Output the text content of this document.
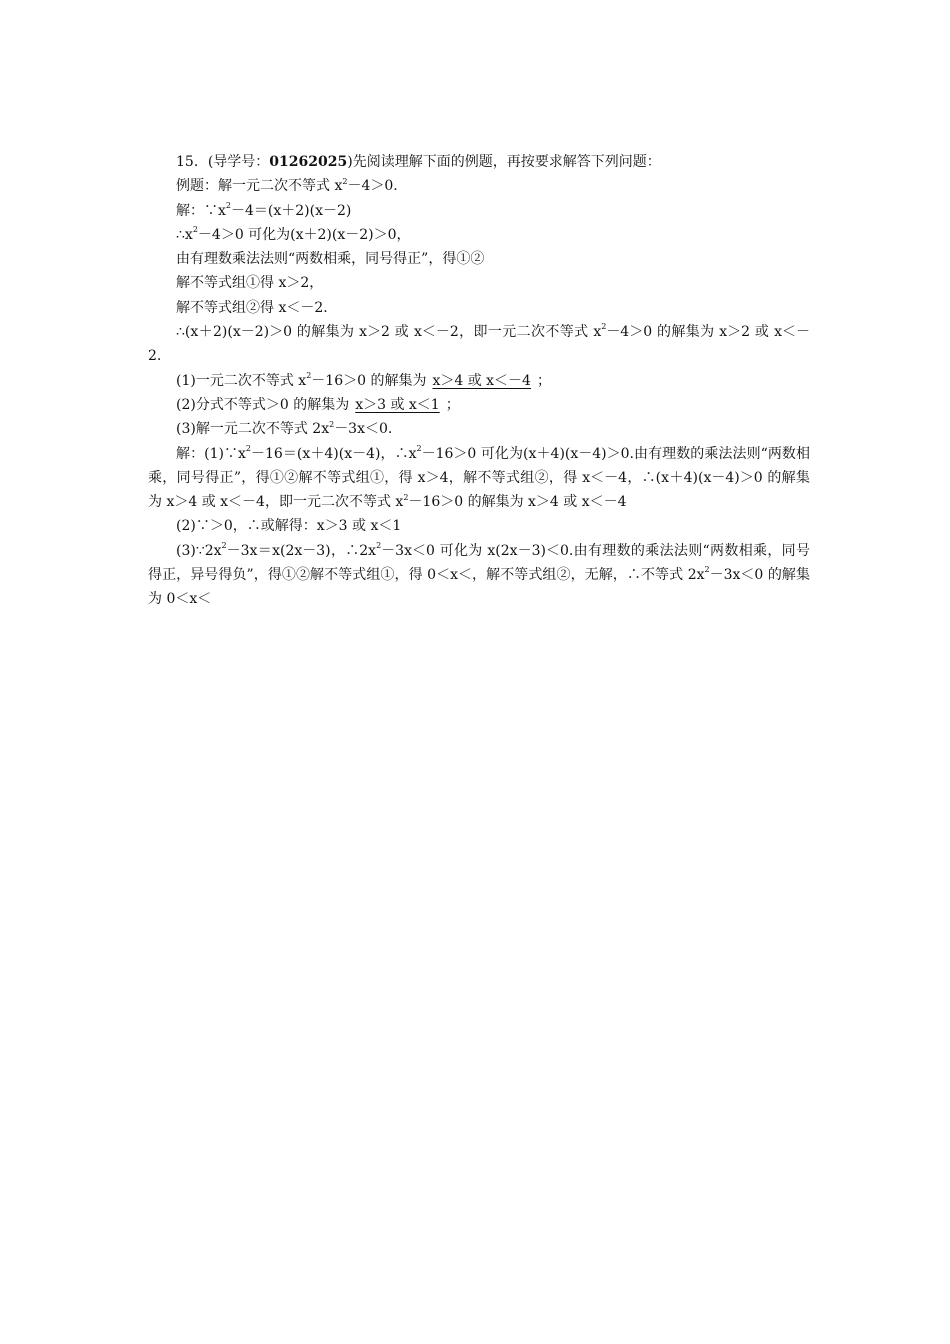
15．(导学号：01262025)先阅读理解下面的例题，再按要求解答下列问题：

例题：解一元二次不等式 $x^2-4>0$.

解：$\because x^2-4=(x+2)(x-2)$

$\therefore x^2-4>0$ 可化为(x＋2)(x－2)＞0，

由有理数乘法法则“两数相乘，同号得正”，得①②

解不等式组①得 x＞2，

解不等式组②得 x＜－2.

∴(x＋2)(x－2)＞0 的解集为 x＞2 或 x＜－2，即一元二次不等式 $x^2-4>0$ 的解集为 x＞2 或 x＜－2.

(1)一元二次不等式 $x^2-16>0$ 的解集为 x＞4 或 x＜－4 ；

(2)分式不等式＞0 的解集为 x＞3 或 x＜1 ；

(3)解一元二次不等式 $2x^2-3x<0$.

解：$(1)\because x^2-16=(x+4)(x-4)$，$\therefore x^2-16>0$ 可化为(x＋4)(x－4)＞0.由有理数的乘法法则“两数相乘，同号得正”，得①②解不等式组①，得 x＞4，解不等式组②，得 x＜－4，∴(x＋4)(x－4)＞0 的解集为 x＞4 或 x＜－4，即一元二次不等式 $x^2-16>0$ 的解集为 x＞4 或 x＜－4

(2)∵＞0，∴或解得：x＞3 或 x＜1

$(3)\because 2x^2-3x=x(2x-3)$，$\therefore 2x^2-3x<0$ 可化为 x(2x－3)＜0.由有理数的乘法法则“两数相乘，同号得正，异号得负”，得①②解不等式组①，得 0＜x＜，解不等式组②，无解，∴不等式 $2x^2-3x<0$ 的解集为 0＜x＜
